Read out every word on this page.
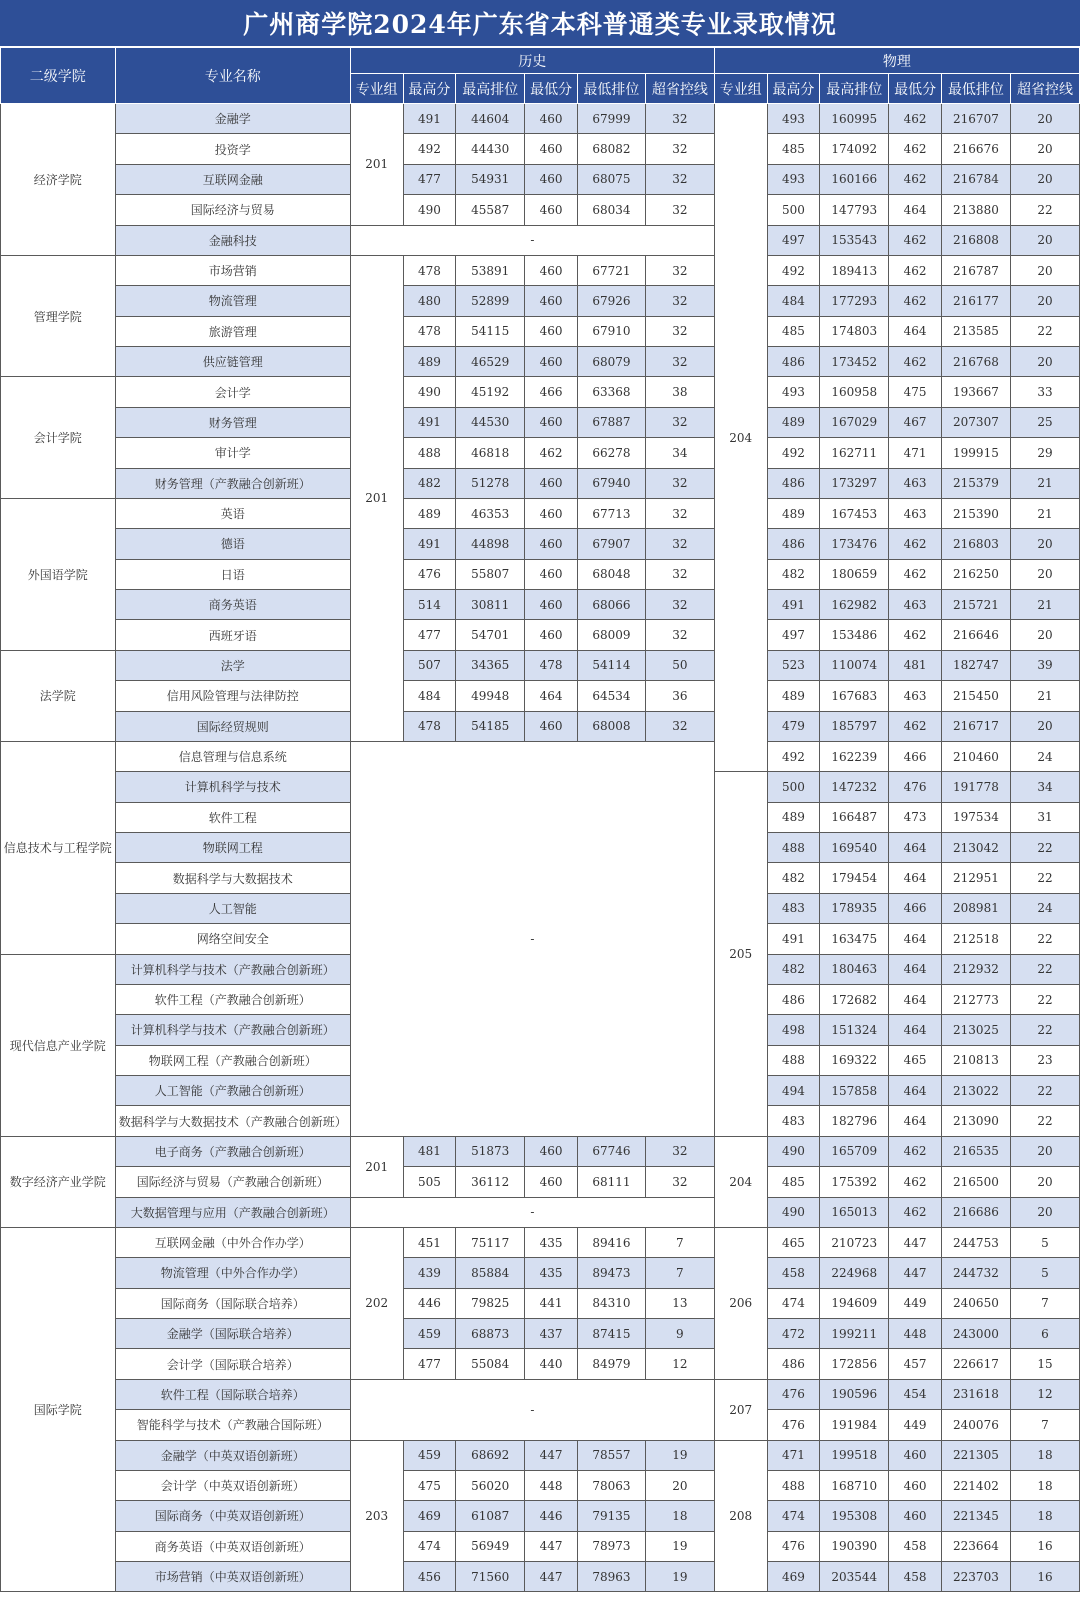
广州商学院2024年广东省本科普通类专业录取情况
二级学院	专业名称	历史						物理					
		专业组	最高分	最高排位	最低分	最低排位	超省控线	专业组	最高分	最高排位	最低分	最低排位	超省控线
经济学院	金融学	201	491	44604	460	67999	32	204	493	160995	462	216707	20
	投资学		492	44430	460	68082	32		485	174092	462	216676	20
	互联网金融		477	54931	460	68075	32		493	160166	462	216784	20
	国际经济与贸易		490	45587	460	68034	32		500	147793	464	213880	22
	金融科技	-							497	153543	462	216808	20
管理学院	市场营销	201	478	53891	460	67721	32		492	189413	462	216787	20
	物流管理		480	52899	460	67926	32		484	177293	462	216177	20
	旅游管理		478	54115	460	67910	32		485	174803	464	213585	22
	供应链管理		489	46529	460	68079	32		486	173452	462	216768	20
会计学院	会计学		490	45192	466	63368	38		493	160958	475	193667	33
	财务管理		491	44530	460	67887	32		489	167029	467	207307	25
	审计学		488	46818	462	66278	34		492	162711	471	199915	29
	财务管理（产教融合创新班）		482	51278	460	67940	32		486	173297	463	215379	21
外国语学院	英语		489	46353	460	67713	32		489	167453	463	215390	21
	德语		491	44898	460	67907	32		486	173476	462	216803	20
	日语		476	55807	460	68048	32		482	180659	462	216250	20
	商务英语		514	30811	460	68066	32		491	162982	463	215721	21
	西班牙语		477	54701	460	68009	32		497	153486	462	216646	20
法学院	法学		507	34365	478	54114	50		523	110074	481	182747	39
	信用风险管理与法律防控		484	49948	464	64534	36		489	167683	463	215450	21
	国际经贸规则		478	54185	460	68008	32		479	185797	462	216717	20
信息技术与工程学院	信息管理与信息系统	-							492	162239	466	210460	24
	计算机科学与技术							205	500	147232	476	191778	34
	软件工程								489	166487	473	197534	31
	物联网工程								488	169540	464	213042	22
	数据科学与大数据技术								482	179454	464	212951	22
	人工智能								483	178935	466	208981	24
	网络空间安全								491	163475	464	212518	22
现代信息产业学院	计算机科学与技术（产教融合创新班）								482	180463	464	212932	22
	软件工程（产教融合创新班）								486	172682	464	212773	22
	计算机科学与技术（产教融合创新班）								498	151324	464	213025	22
	物联网工程（产教融合创新班）								488	169322	465	210813	23
	人工智能（产教融合创新班）								494	157858	464	213022	22
	数据科学与大数据技术（产教融合创新班）								483	182796	464	213090	22
数字经济产业学院	电子商务（产教融合创新班）	201	481	51873	460	67746	32	204	490	165709	462	216535	20
	国际经济与贸易（产教融合创新班）		505	36112	460	68111	32		485	175392	462	216500	20
	大数据管理与应用（产教融合创新班）	-							490	165013	462	216686	20
国际学院	互联网金融（中外合作办学）	202	451	75117	435	89416	7	206	465	210723	447	244753	5
	物流管理（中外合作办学）		439	85884	435	89473	7		458	224968	447	244732	5
	国际商务（国际联合培养）		446	79825	441	84310	13		474	194609	449	240650	7
	金融学（国际联合培养）		459	68873	437	87415	9		472	199211	448	243000	6
	会计学（国际联合培养）		477	55084	440	84979	12		486	172856	457	226617	15
	软件工程（国际联合培养）	-						207	476	190596	454	231618	12
	智能科学与技术（产教融合国际班）								476	191984	449	240076	7
	金融学（中英双语创新班）	203	459	68692	447	78557	19	208	471	199518	460	221305	18
	会计学（中英双语创新班）		475	56020	448	78063	20		488	168710	460	221402	18
	国际商务（中英双语创新班）		469	61087	446	79135	18		474	195308	460	221345	18
	商务英语（中英双语创新班）		474	56949	447	78973	19		476	190390	458	223664	16
	市场营销（中英双语创新班）		456	71560	447	78963	19		469	203544	458	223703	16
